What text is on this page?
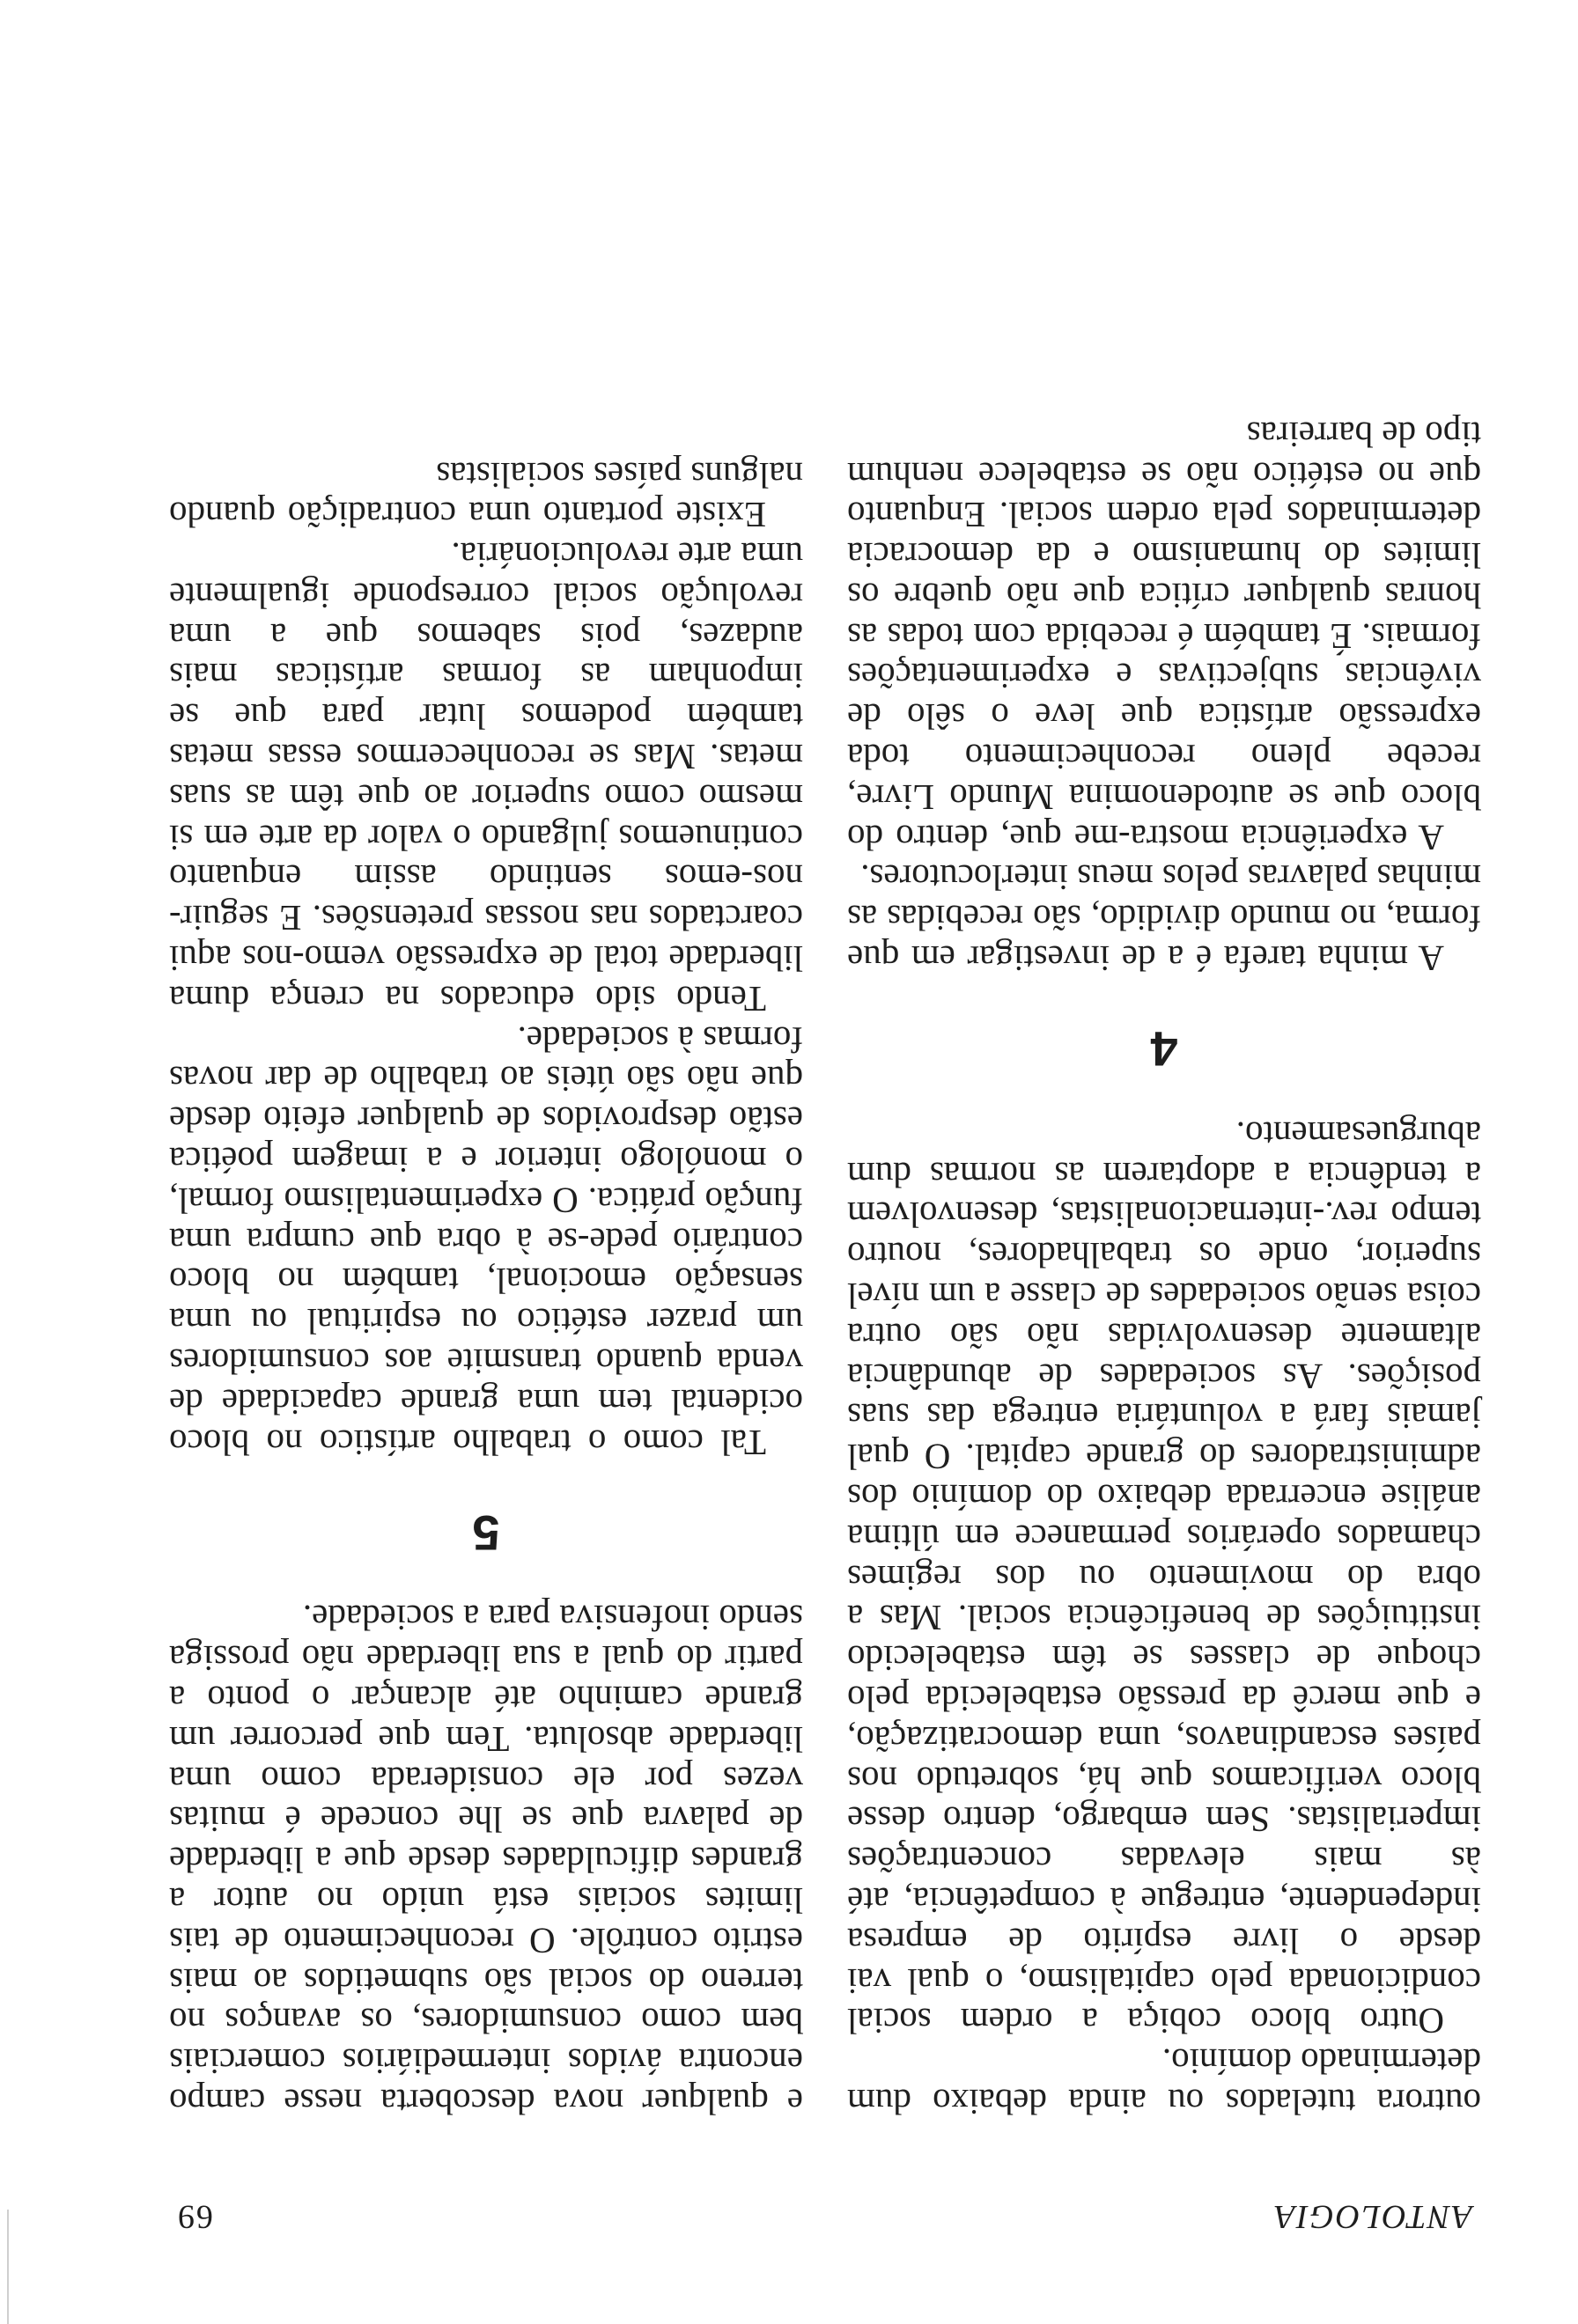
ANTOLOGIA
69

outrora tutelados ou ainda debaixo dum determinado domínio.

Outro bloco cobiça a ordem social condicionada pelo capitalismo, o qual vai desde o livre espírito de empresa independente, entregue à competência, até às mais elevadas concentrações imperialistas. Sem embargo, dentro desse bloco verificamos que há, sobretudo nos países escandinavos, uma democratização, e que mercê da pressão estabelecida pelo choque de classes se têm estabelecido instituições de beneficência social. Mas a obra do movimento ou dos regimes chamados operários permanece em última análise encerrada debaixo do domínio dos administradores do grande capital. O qual jamais fará a voluntária entrega das suas posições. As sociedades de abundância altamente desenvolvidas não são outra coisa senão sociedades de classe a um nível superior, onde os trabalhadores, noutro tempo rev.-internacionalistas, desenvolvem a tendência a adoptarem as normas dum aburguesamento.

4

A minha tarefa é a de investigar em que forma, no mundo dividido, são recebidas as minhas palavras pelos meus interlocutores.

A experiência mostra-me que, dentro do bloco que se autodenomina Mundo Livre, recebe pleno reconhecimento toda expressão artística que leve o sêlo de vivências subjectivas e experimentações formais. É também é recebida com todas as honras qualquer crítica que não quebre os limites do humanismo e da democracia determinados pela ordem social. Enquanto que no estético não se estabelece nenhum tipo de barreiras

e qualquer nova descoberta nesse campo encontra ávidos intermediários comerciais bem como consumidores, os avanços no terreno do social são submetidos ao mais estrito contrôle. O reconhecimento de tais limites sociais está unido no autor a grandes dificuldades desde que a liberdade de palavra que se lhe concede é muitas vezes por ele considerada como uma liberdade absoluta. Tem que percorrer um grande caminho até alcançar o ponto a partir do qual a sua liberdade não prossiga sendo inofensiva para a sociedade.

5

Tal como o trabalho artístico no bloco ocidental tem uma grande capacidade de venda quando transmite aos consumidores um prazer estético ou espiritual ou uma sensação emocional, também no bloco contrário pede-se à obra que cumpra uma função prática. O experimentalismo formal, o monólogo interior e a imagem poética estão desprovidos de qualquer efeito desde que não são úteis ao trabalho de dar novas formas à sociedade.

Tendo sido educados na crença duma liberdade total de expressão vemo-nos aqui coarctados nas nossas pretensões. E seguir-nos-emos sentindo assim enquanto continuemos julgando o valor da arte em si mesmo como superior ao que têm as suas metas. Mas se reconhecermos essas metas também podemos lutar para que se imponham as formas artísticas mais audazes, pois sabemos que a uma revolução social corresponde igualmente uma arte revolucionária.

Existe portanto uma contradição quando nalguns países socialistas
